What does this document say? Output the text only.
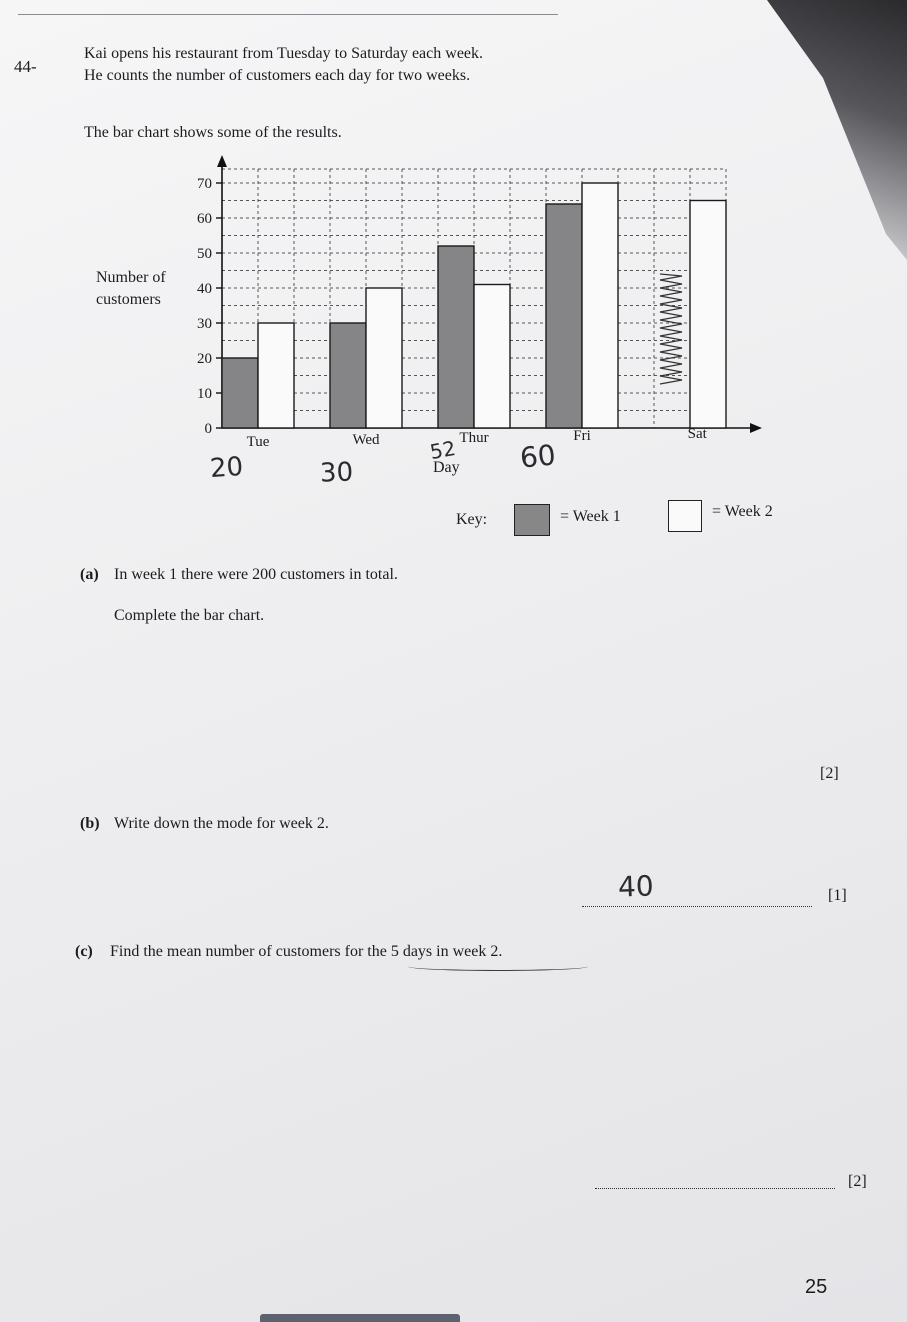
44-
Kai opens his restaurant from Tuesday to Saturday each week.
He counts the number of customers each day for two weeks.
The bar chart shows some of the results.
Number of
customers
Day
0
10
20
30
40
50
60
70
Tue	Wed	Thur	Fri	Sat
20	30
52 60
Key:	= Week 1	= Week 2
(a) In week 1 there were 200 customers in total.
Complete the bar chart.
[2]
(b) Write down the mode for week 2.
40	[1]
(c) Find the mean number of customers for the 5 days in week 2.
[2]
25
